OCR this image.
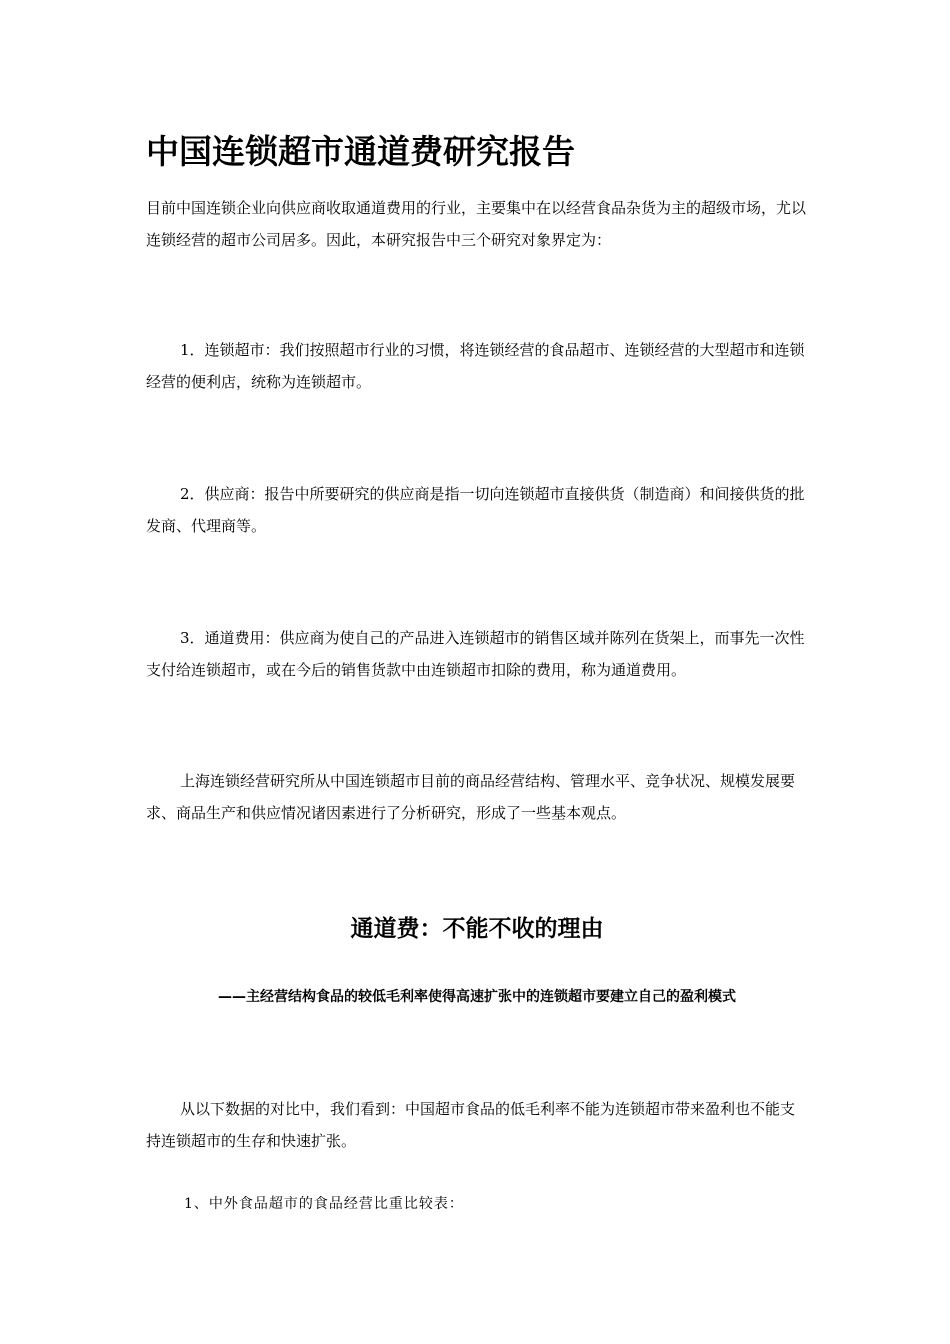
中国连锁超市通道费研究报告
目前中国连锁企业向供应商收取通道费用的行业，主要集中在以经营食品杂货为主的超级市场，尤以连锁经营的超市公司居多。因此，本研究报告中三个研究对象界定为：
1．连锁超市：我们按照超市行业的习惯，将连锁经营的食品超市、连锁经营的大型超市和连锁经营的便利店，统称为连锁超市。
2．供应商：报告中所要研究的供应商是指一切向连锁超市直接供货（制造商）和间接供货的批发商、代理商等。
3．通道费用：供应商为使自己的产品进入连锁超市的销售区域并陈列在货架上，而事先一次性支付给连锁超市，或在今后的销售货款中由连锁超市扣除的费用，称为通道费用。
上海连锁经营研究所从中国连锁超市目前的商品经营结构、管理水平、竞争状况、规模发展要求、商品生产和供应情况诸因素进行了分析研究，形成了一些基本观点。
通道费：不能不收的理由
——主经营结构食品的较低毛利率使得高速扩张中的连锁超市要建立自己的盈利模式
从以下数据的对比中，我们看到：中国超市食品的低毛利率不能为连锁超市带来盈利也不能支持连锁超市的生存和快速扩张。
1、中外食品超市的食品经营比重比较表：
